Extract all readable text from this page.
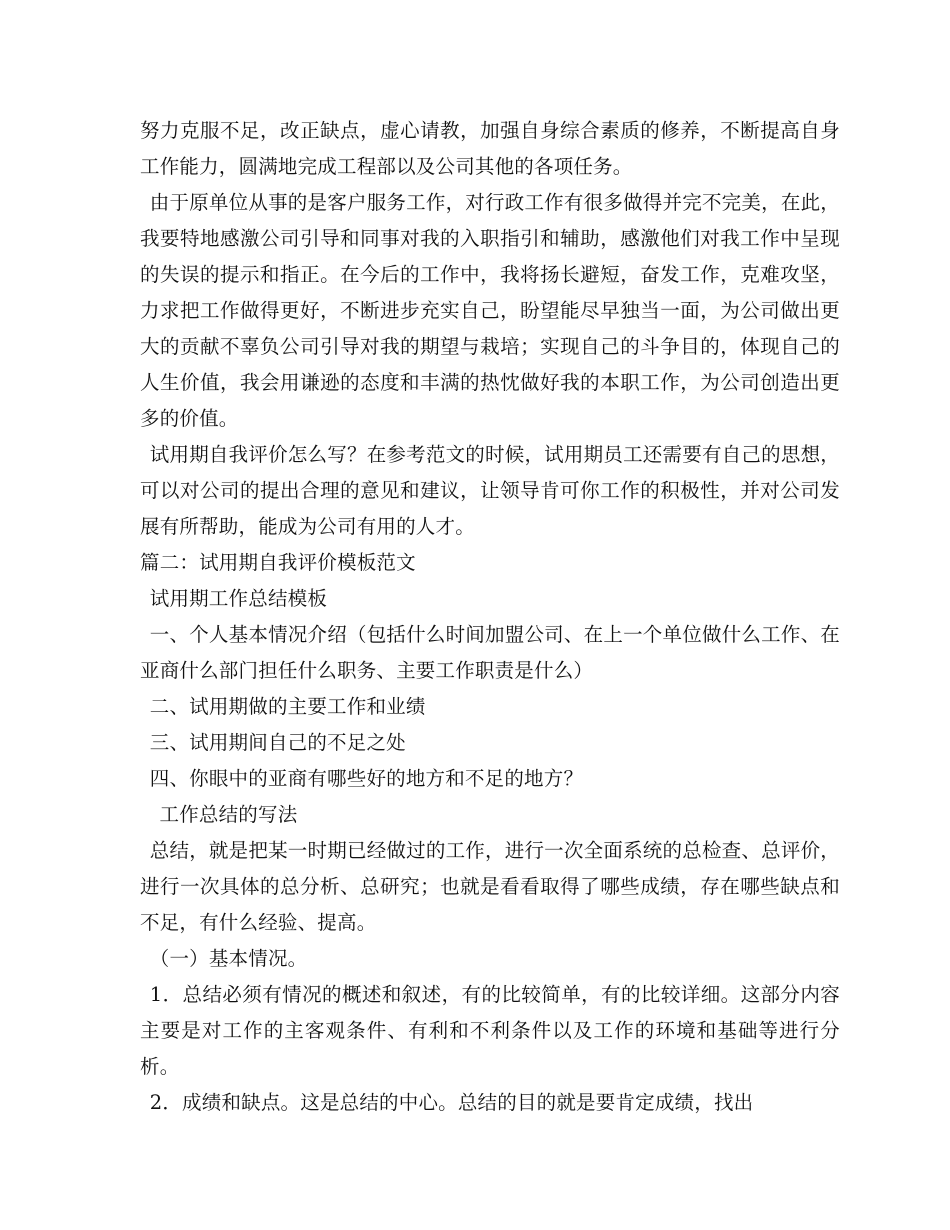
努力克服不足，改正缺点，虚心请教，加强自身综合素质的修养，不断提高自身工作能力，圆满地完成工程部以及公司其他的各项任务。

由于原单位从事的是客户服务工作，对行政工作有很多做得并完不完美，在此，我要特地感激公司引导和同事对我的入职指引和辅助，感激他们对我工作中呈现的失误的提示和指正。在今后的工作中，我将扬长避短，奋发工作，克难攻坚，力求把工作做得更好，不断进步充实自己，盼望能尽早独当一面，为公司做出更大的贡献不辜负公司引导对我的期望与栽培；实现自己的斗争目的，体现自己的人生价值，我会用谦逊的态度和丰满的热忱做好我的本职工作，为公司创造出更多的价值。

试用期自我评价怎么写？在参考范文的时候，试用期员工还需要有自己的思想，可以对公司的提出合理的意见和建议，让领导肯可你工作的积极性，并对公司发展有所帮助，能成为公司有用的人才。

篇二：试用期自我评价模板范文

试用期工作总结模板

一、个人基本情况介绍（包括什么时间加盟公司、在上一个单位做什么工作、在亚商什么部门担任什么职务、主要工作职责是什么）

二、试用期做的主要工作和业绩

三、试用期间自己的不足之处

四、你眼中的亚商有哪些好的地方和不足的地方？

工作总结的写法

总结，就是把某一时期已经做过的工作，进行一次全面系统的总检查、总评价，进行一次具体的总分析、总研究；也就是看看取得了哪些成绩，存在哪些缺点和不足，有什么经验、提高。

（一）基本情况。

1．总结必须有情况的概述和叙述，有的比较简单，有的比较详细。这部分内容主要是对工作的主客观条件、有利和不利条件以及工作的环境和基础等进行分析。

2．成绩和缺点。这是总结的中心。总结的目的就是要肯定成绩，找出
